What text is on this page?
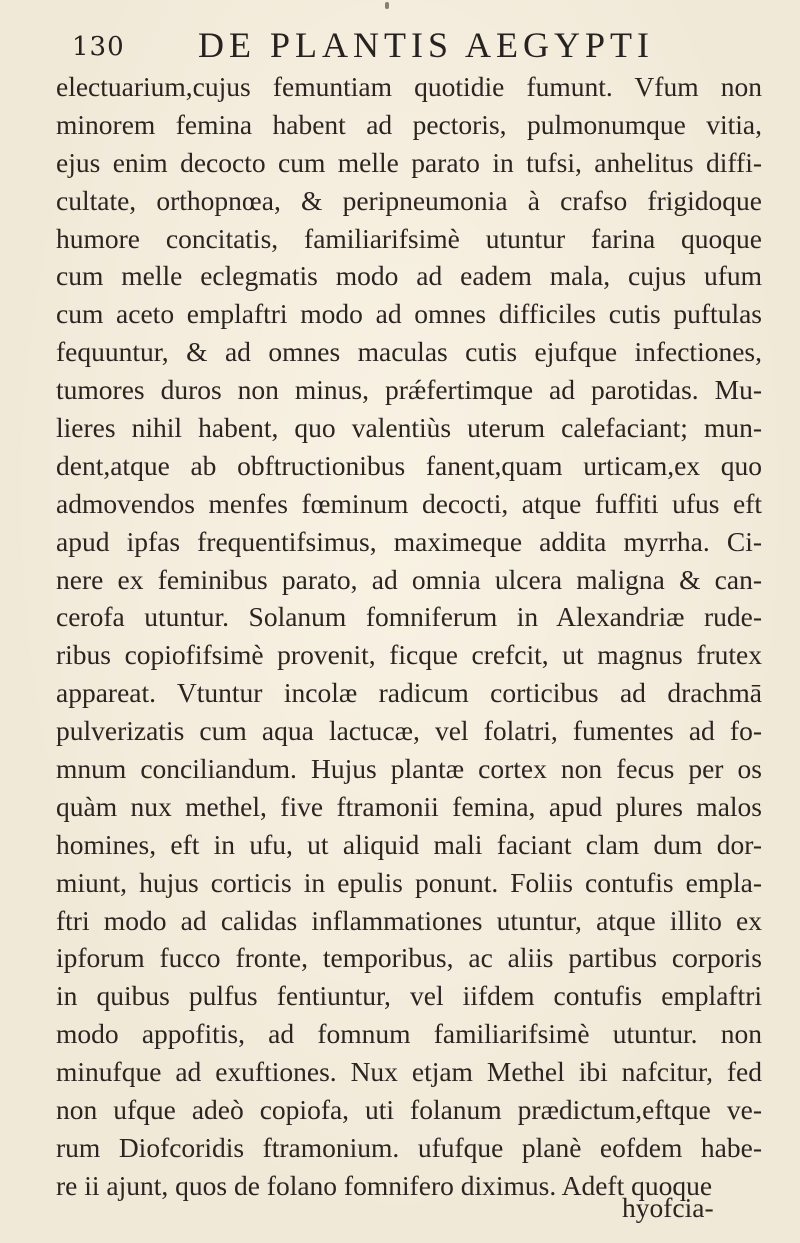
130 DE PLANTIS AEGYPTI
electuarium,cujus femuntiam quotidie fumunt. Vfum non
minorem femina habent ad pectoris, pulmonumque vitia,
ejus enim decocto cum melle parato in tufsi, anhelitus diffi-
cultate, orthopnœa, & peripneumonia à crafso frigidoque
humore concitatis, familiarifsimè utuntur farina quoque
cum melle eclegmatis modo ad eadem mala, cujus ufum
cum aceto emplaftri modo ad omnes difficiles cutis puftulas
fequuntur, & ad omnes maculas cutis ejufque infectiones,
tumores duros non minus, prǽfertimque ad parotidas. Mu-
lieres nihil habent, quo valentiùs uterum calefaciant; mun-
dent,atque ab obftructionibus fanent,quam urticam,ex quo
admovendos menfes fœminum decocti, atque fuffiti ufus eft
apud ipfas frequentifsimus, maximeque addita myrrha. Ci-
nere ex feminibus parato, ad omnia ulcera maligna & can-
cerofa utuntur. Solanum fomniferum in Alexandriæ rude-
ribus copiofifsimè provenit, ficque crefcit, ut magnus frutex
appareat. Vtuntur incolæ radicum corticibus ad drachmā
pulverizatis cum aqua lactucæ, vel folatri, fumentes ad fo-
mnum conciliandum. Hujus plantæ cortex non fecus per os
quàm nux methel, five ftramonii femina, apud plures malos
homines, eft in ufu, ut aliquid mali faciant clam dum dor-
miunt, hujus corticis in epulis ponunt. Foliis contufis empla-
ftri modo ad calidas inflammationes utuntur, atque illito ex
ipforum fucco fronte, temporibus, ac aliis partibus corporis
in quibus pulfus fentiuntur, vel iifdem contufis emplaftri
modo appofitis, ad fomnum familiarifsimè utuntur. non
minufque ad exuftiones. Nux etjam Methel ibi nafcitur, fed
non ufque adeò copiofa, uti folanum prædictum,eftque ve-
rum Diofcoridis ftramonium. ufufque planè eofdem habe-
re ii ajunt, quos de folano fomnifero diximus. Adeft quoque
hyofcia-
